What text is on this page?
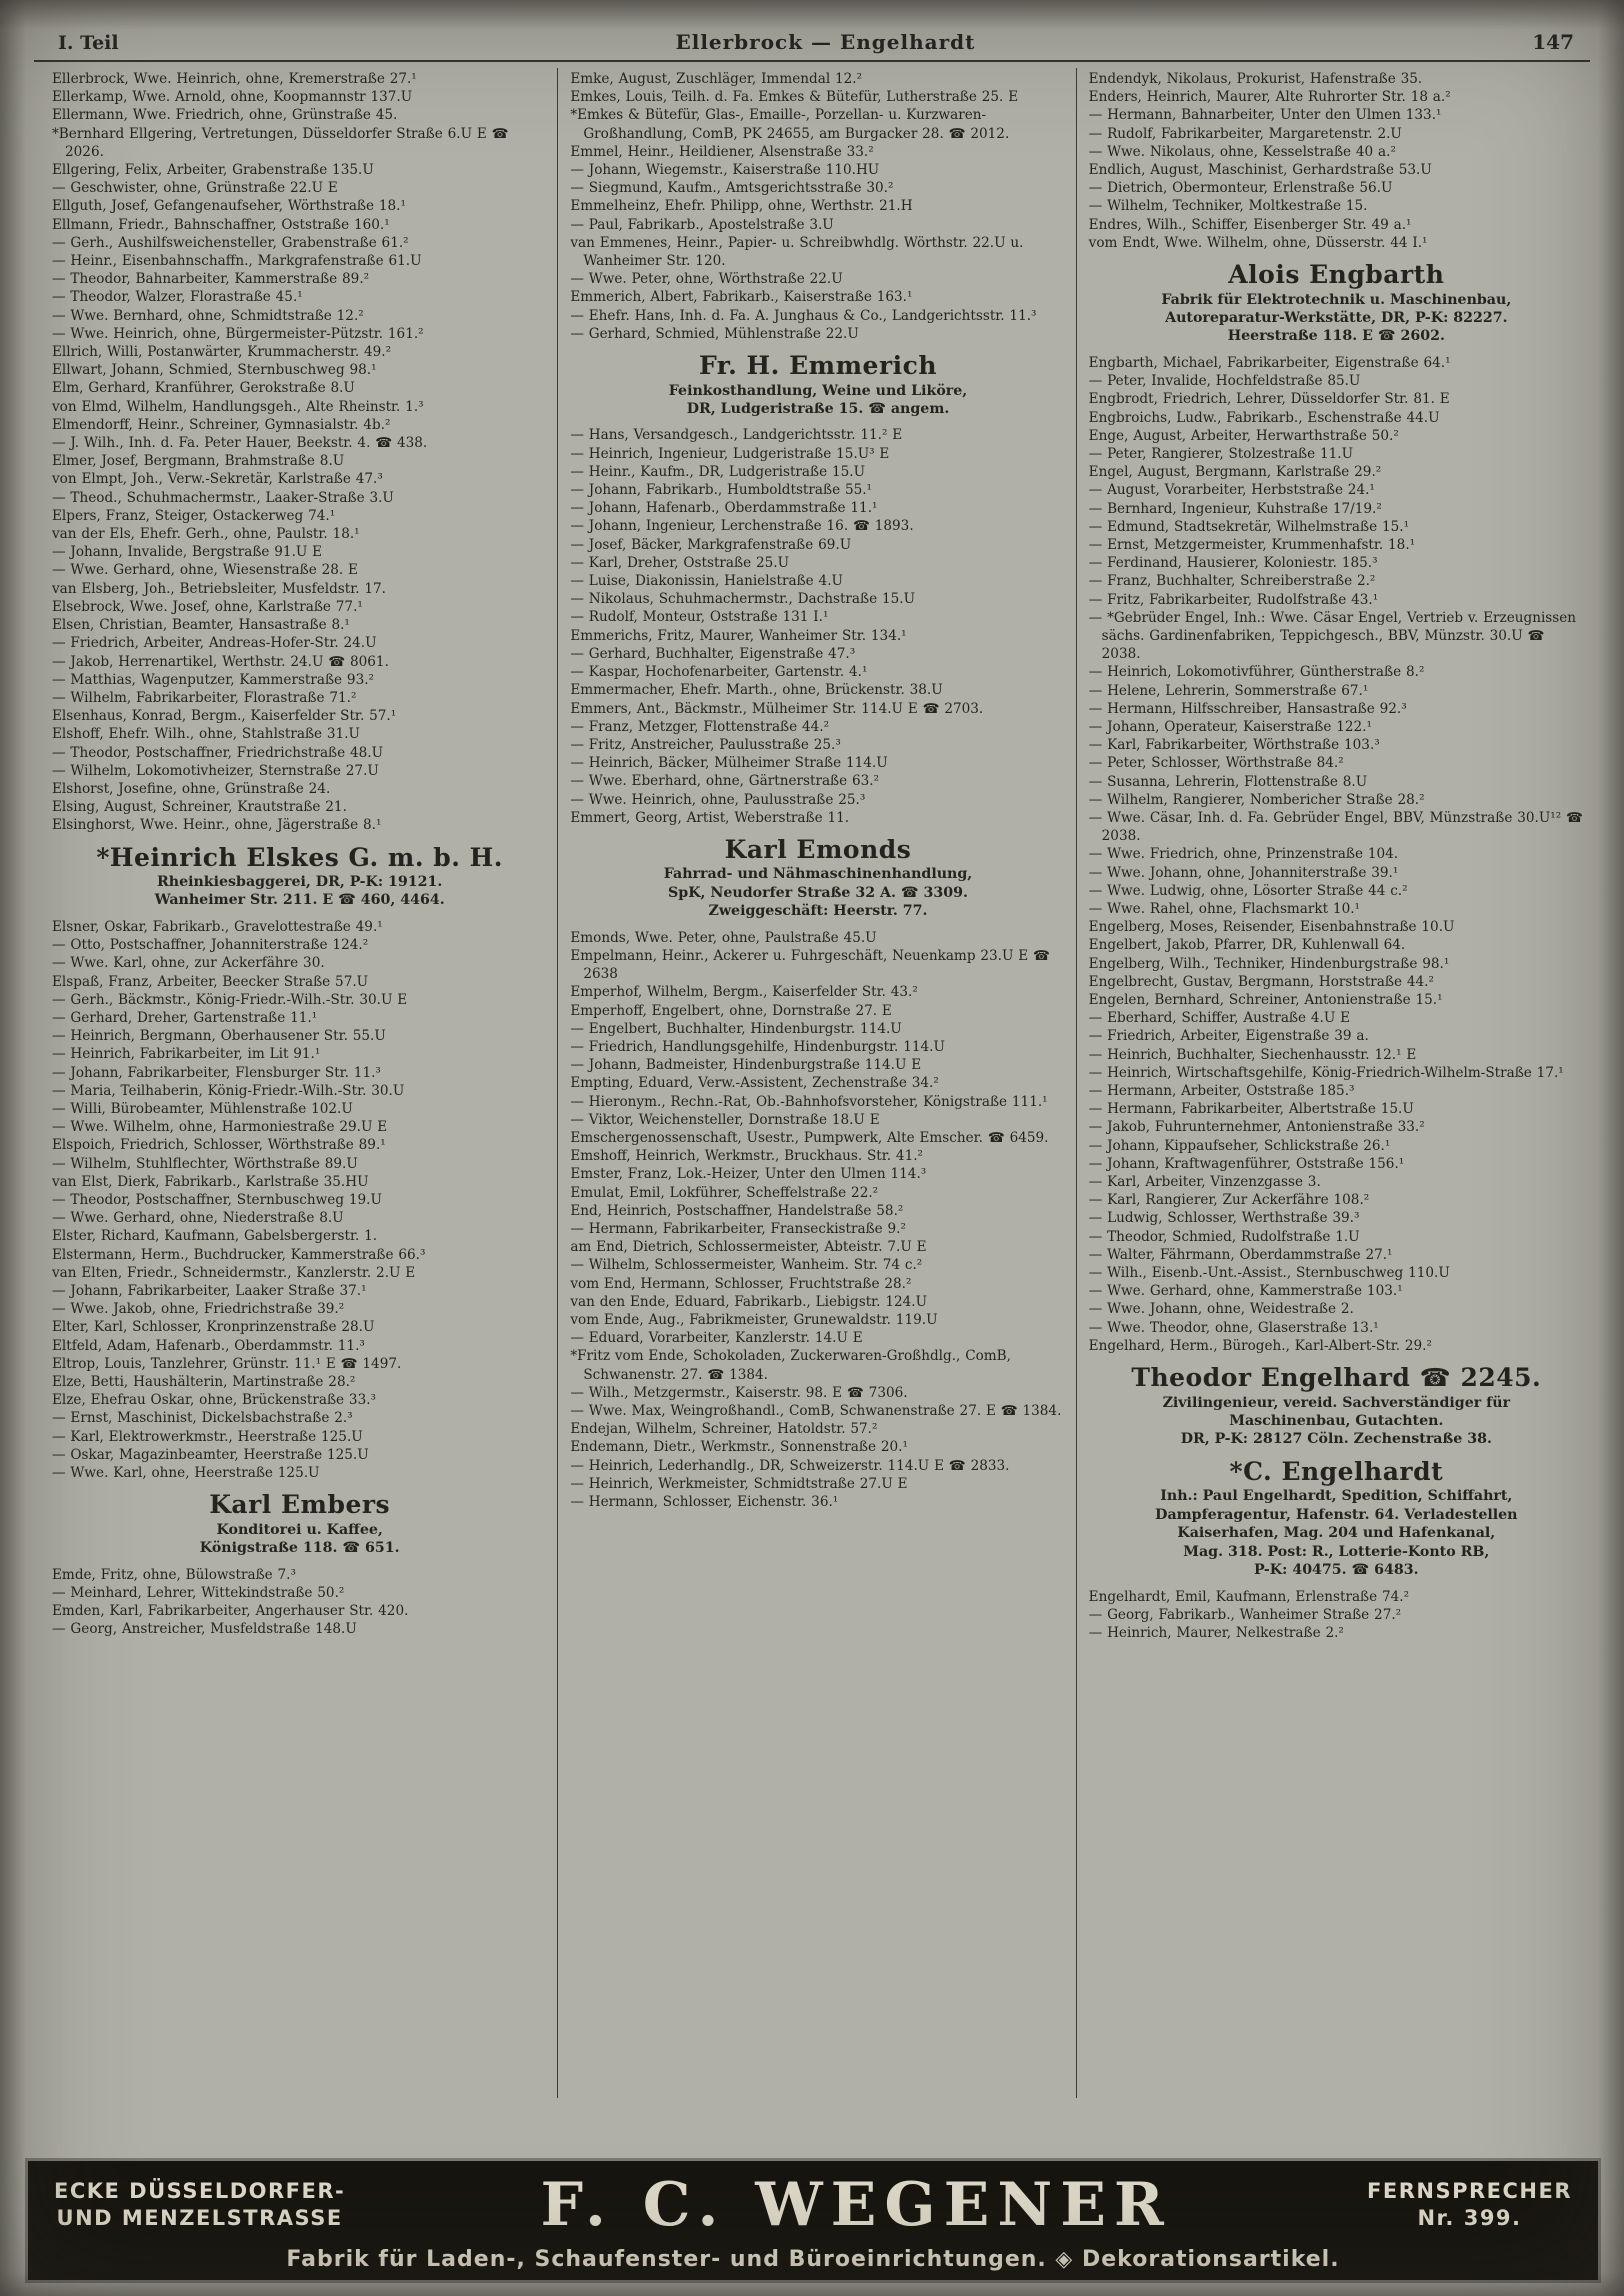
I. Teil	Ellerbrock — Engelhardt	147

Ellerbrock, Wwe. Heinrich, ohne, Kremerstraße 27.¹

Ellerkamp, Wwe. Arnold, ohne, Koopmannstr 137.U

Ellermann, Wwe. Friedrich, ohne, Grünstraße 45.

*Bernhard Ellgering, Vertretungen, Düsseldorfer Straße 6.U E ☎ 2026.

Ellgering, Felix, Arbeiter, Grabenstraße 135.U

— Geschwister, ohne, Grünstraße 22.U E

Ellguth, Josef, Gefangenaufseher, Wörthstraße 18.¹

Ellmann, Friedr., Bahnschaffner, Oststraße 160.¹

— Gerh., Aushilfsweichensteller, Grabenstraße 61.²

— Heinr., Eisenbahnschaffn., Markgrafenstraße 61.U

— Theodor, Bahnarbeiter, Kammerstraße 89.²

— Theodor, Walzer, Florastraße 45.¹

— Wwe. Bernhard, ohne, Schmidtstraße 12.²

— Wwe. Heinrich, ohne, Bürgermeister-Pützstr. 161.²

Ellrich, Willi, Postanwärter, Krummacherstr. 49.²

Ellwart, Johann, Schmied, Sternbuschweg 98.¹

Elm, Gerhard, Kranführer, Gerokstraße 8.U

von Elmd, Wilhelm, Handlungsgeh., Alte Rheinstr. 1.³

Elmendorff, Heinr., Schreiner, Gymnasialstr. 4b.²

— J. Wilh., Inh. d. Fa. Peter Hauer, Beekstr. 4. ☎ 438.

Elmer, Josef, Bergmann, Brahmstraße 8.U

von Elmpt, Joh., Verw.-Sekretär, Karlstraße 47.³

— Theod., Schuhmachermstr., Laaker-Straße 3.U

Elpers, Franz, Steiger, Ostackerweg 74.¹

van der Els, Ehefr. Gerh., ohne, Paulstr. 18.¹

— Johann, Invalide, Bergstraße 91.U E

— Wwe. Gerhard, ohne, Wiesenstraße 28. E

van Elsberg, Joh., Betriebsleiter, Musfeldstr. 17.

Elsebrock, Wwe. Josef, ohne, Karlstraße 77.¹

Elsen, Christian, Beamter, Hansastraße 8.¹

— Friedrich, Arbeiter, Andreas-Hofer-Str. 24.U

— Jakob, Herrenartikel, Werthstr. 24.U ☎ 8061.

— Matthias, Wagenputzer, Kammerstraße 93.²

— Wilhelm, Fabrikarbeiter, Florastraße 71.²

Elsenhaus, Konrad, Bergm., Kaiserfelder Str. 57.¹

Elshoff, Ehefr. Wilh., ohne, Stahlstraße 31.U

— Theodor, Postschaffner, Friedrichstraße 48.U

— Wilhelm, Lokomotivheizer, Sternstraße 27.U

Elshorst, Josefine, ohne, Grünstraße 24.

Elsing, August, Schreiner, Krautstraße 21.

Elsinghorst, Wwe. Heinr., ohne, Jägerstraße 8.¹

*Heinrich Elskes G. m. b. H.
Rheinkiesbaggerei, DR, P-K: 19121.
Wanheimer Str. 211. E ☎ 460, 4464.

Elsner, Oskar, Fabrikarb., Gravelottestraße 49.¹

— Otto, Postschaffner, Johanniterstraße 124.²

— Wwe. Karl, ohne, zur Ackerfähre 30.

Elspaß, Franz, Arbeiter, Beecker Straße 57.U

— Gerh., Bäckmstr., König-Friedr.-Wilh.-Str. 30.U E

— Gerhard, Dreher, Gartenstraße 11.¹

— Heinrich, Bergmann, Oberhausener Str. 55.U

— Heinrich, Fabrikarbeiter, im Lit 91.¹

— Johann, Fabrikarbeiter, Flensburger Str. 11.³

— Maria, Teilhaberin, König-Friedr.-Wilh.-Str. 30.U

— Willi, Bürobeamter, Mühlenstraße 102.U

— Wwe. Wilhelm, ohne, Harmoniestraße 29.U E

Elspoich, Friedrich, Schlosser, Wörthstraße 89.¹

— Wilhelm, Stuhlflechter, Wörthstraße 89.U

van Elst, Dierk, Fabrikarb., Karlstraße 35.HU

— Theodor, Postschaffner, Sternbuschweg 19.U

— Wwe. Gerhard, ohne, Niederstraße 8.U

Elster, Richard, Kaufmann, Gabelsbergerstr. 1.

Elstermann, Herm., Buchdrucker, Kammerstraße 66.³

van Elten, Friedr., Schneidermstr., Kanzlerstr. 2.U E

— Johann, Fabrikarbeiter, Laaker Straße 37.¹

— Wwe. Jakob, ohne, Friedrichstraße 39.²

Elter, Karl, Schlosser, Kronprinzenstraße 28.U

Eltfeld, Adam, Hafenarb., Oberdammstr. 11.³

Eltrop, Louis, Tanzlehrer, Grünstr. 11.¹ E ☎ 1497.

Elze, Betti, Haushälterin, Martinstraße 28.²

Elze, Ehefrau Oskar, ohne, Brückenstraße 33.³

— Ernst, Maschinist, Dickelsbachstraße 2.³

— Karl, Elektrowerkmstr., Heerstraße 125.U

— Oskar, Magazinbeamter, Heerstraße 125.U

— Wwe. Karl, ohne, Heerstraße 125.U

Karl Embers
Konditorei u. Kaffee,
Königstraße 118. ☎ 651.

Emde, Fritz, ohne, Bülowstraße 7.³

— Meinhard, Lehrer, Wittekindstraße 50.²

Emden, Karl, Fabrikarbeiter, Angerhauser Str. 420.

— Georg, Anstreicher, Musfeldstraße 148.U

Emke, August, Zuschläger, Immendal 12.²

Emkes, Louis, Teilh. d. Fa. Emkes & Bütefür, Lutherstraße 25. E

*Emkes & Bütefür, Glas-, Emaille-, Porzellan- u. Kurzwaren-Großhandlung, ComB, PK 24655, am Burgacker 28. ☎ 2012.

Emmel, Heinr., Heildiener, Alsenstraße 33.²

— Johann, Wiegemstr., Kaiserstraße 110.HU

— Siegmund, Kaufm., Amtsgerichtsstraße 30.²

Emmelheinz, Ehefr. Philipp, ohne, Werthstr. 21.H

— Paul, Fabrikarb., Apostelstraße 3.U

van Emmenes, Heinr., Papier- u. Schreibwhdlg. Wörthstr. 22.U u. Wanheimer Str. 120.

— Wwe. Peter, ohne, Wörthstraße 22.U

Emmerich, Albert, Fabrikarb., Kaiserstraße 163.¹

— Ehefr. Hans, Inh. d. Fa. A. Junghaus & Co., Landgerichtsstr. 11.³

— Gerhard, Schmied, Mühlenstraße 22.U

Fr. H. Emmerich
Feinkosthandlung, Weine und Liköre,
DR, Ludgeristraße 15. ☎ angem.

— Hans, Versandgesch., Landgerichtsstr. 11.² E

— Heinrich, Ingenieur, Ludgeristraße 15.U³ E

— Heinr., Kaufm., DR, Ludgeristraße 15.U

— Johann, Fabrikarb., Humboldtstraße 55.¹

— Johann, Hafenarb., Oberdammstraße 11.¹

— Johann, Ingenieur, Lerchenstraße 16. ☎ 1893.

— Josef, Bäcker, Markgrafenstraße 69.U

— Karl, Dreher, Oststraße 25.U

— Luise, Diakonissin, Hanielstraße 4.U

— Nikolaus, Schuhmachermstr., Dachstraße 15.U

— Rudolf, Monteur, Oststraße 131 I.¹

Emmerichs, Fritz, Maurer, Wanheimer Str. 134.¹

— Gerhard, Buchhalter, Eigenstraße 47.³

— Kaspar, Hochofenarbeiter, Gartenstr. 4.¹

Emmermacher, Ehefr. Marth., ohne, Brückenstr. 38.U

Emmers, Ant., Bäckmstr., Mülheimer Str. 114.U E ☎ 2703.

— Franz, Metzger, Flottenstraße 44.²

— Fritz, Anstreicher, Paulusstraße 25.³

— Heinrich, Bäcker, Mülheimer Straße 114.U

— Wwe. Eberhard, ohne, Gärtnerstraße 63.²

— Wwe. Heinrich, ohne, Paulusstraße 25.³

Emmert, Georg, Artist, Weberstraße 11.

Karl Emonds
Fahrrad- und Nähmaschinenhandlung,
SpK, Neudorfer Straße 32 A. ☎ 3309.
Zweiggeschäft: Heerstr. 77.

Emonds, Wwe. Peter, ohne, Paulstraße 45.U

Empelmann, Heinr., Ackerer u. Fuhrgeschäft, Neuenkamp 23.U E ☎ 2638

Emperhof, Wilhelm, Bergm., Kaiserfelder Str. 43.²

Emperhoff, Engelbert, ohne, Dornstraße 27. E

— Engelbert, Buchhalter, Hindenburgstr. 114.U

— Friedrich, Handlungsgehilfe, Hindenburgstr. 114.U

— Johann, Badmeister, Hindenburgstraße 114.U E

Empting, Eduard, Verw.-Assistent, Zechenstraße 34.²

— Hieronym., Rechn.-Rat, Ob.-Bahnhofsvorsteher, Königstraße 111.¹

— Viktor, Weichensteller, Dornstraße 18.U E

Emschergenossenschaft, Usestr., Pumpwerk, Alte Emscher. ☎ 6459.

Emshoff, Heinrich, Werkmstr., Bruckhaus. Str. 41.²

Emster, Franz, Lok.-Heizer, Unter den Ulmen 114.³

Emulat, Emil, Lokführer, Scheffelstraße 22.²

End, Heinrich, Postschaffner, Handelstraße 58.²

— Hermann, Fabrikarbeiter, Franseckistraße 9.²

am End, Dietrich, Schlossermeister, Abteistr. 7.U E

— Wilhelm, Schlossermeister, Wanheim. Str. 74 c.²

vom End, Hermann, Schlosser, Fruchtstraße 28.²

van den Ende, Eduard, Fabrikarb., Liebigstr. 124.U

vom Ende, Aug., Fabrikmeister, Grunewaldstr. 119.U

— Eduard, Vorarbeiter, Kanzlerstr. 14.U E

*Fritz vom Ende, Schokoladen, Zuckerwaren-Großhdlg., ComB, Schwanenstr. 27. ☎ 1384.

— Wilh., Metzgermstr., Kaiserstr. 98. E ☎ 7306.

— Wwe. Max, Weingroßhandl., ComB, Schwanenstraße 27. E ☎ 1384.

Endejan, Wilhelm, Schreiner, Hatoldstr. 57.²

Endemann, Dietr., Werkmstr., Sonnenstraße 20.¹

— Heinrich, Lederhandlg., DR, Schweizerstr. 114.U E ☎ 2833.

— Heinrich, Werkmeister, Schmidtstraße 27.U E

— Hermann, Schlosser, Eichenstr. 36.¹

Endendyk, Nikolaus, Prokurist, Hafenstraße 35.

Enders, Heinrich, Maurer, Alte Ruhrorter Str. 18 a.²

— Hermann, Bahnarbeiter, Unter den Ulmen 133.¹

— Rudolf, Fabrikarbeiter, Margaretenstr. 2.U

— Wwe. Nikolaus, ohne, Kesselstraße 40 a.²

Endlich, August, Maschinist, Gerhardstraße 53.U

— Dietrich, Obermonteur, Erlenstraße 56.U

— Wilhelm, Techniker, Moltkestraße 15.

Endres, Wilh., Schiffer, Eisenberger Str. 49 a.¹

vom Endt, Wwe. Wilhelm, ohne, Düsserstr. 44 I.¹

Alois Engbarth
Fabrik für Elektrotechnik u. Maschinenbau,
Autoreparatur-Werkstätte, DR, P-K: 82227.
Heerstraße 118. E ☎ 2602.

Engbarth, Michael, Fabrikarbeiter, Eigenstraße 64.¹

— Peter, Invalide, Hochfeldstraße 85.U

Engbrodt, Friedrich, Lehrer, Düsseldorfer Str. 81. E

Engbroichs, Ludw., Fabrikarb., Eschenstraße 44.U

Enge, August, Arbeiter, Herwarthstraße 50.²

— Peter, Rangierer, Stolzestraße 11.U

Engel, August, Bergmann, Karlstraße 29.²

— August, Vorarbeiter, Herbststraße 24.¹

— Bernhard, Ingenieur, Kuhstraße 17/19.²

— Edmund, Stadtsekretär, Wilhelmstraße 15.¹

— Ernst, Metzgermeister, Krummenhafstr. 18.¹

— Ferdinand, Hausierer, Koloniestr. 185.³

— Franz, Buchhalter, Schreiberstraße 2.²

— Fritz, Fabrikarbeiter, Rudolfstraße 43.¹

— *Gebrüder Engel, Inh.: Wwe. Cäsar Engel, Vertrieb v. Erzeugnissen sächs. Gardinenfabriken, Teppichgesch., BBV, Münzstr. 30.U ☎ 2038.

— Heinrich, Lokomotivführer, Güntherstraße 8.²

— Helene, Lehrerin, Sommerstraße 67.¹

— Hermann, Hilfsschreiber, Hansastraße 92.³

— Johann, Operateur, Kaiserstraße 122.¹

— Karl, Fabrikarbeiter, Wörthstraße 103.³

— Peter, Schlosser, Wörthstraße 84.²

— Susanna, Lehrerin, Flottenstraße 8.U

— Wilhelm, Rangierer, Nombericher Straße 28.²

— Wwe. Cäsar, Inh. d. Fa. Gebrüder Engel, BBV, Münzstraße 30.U¹² ☎ 2038.

— Wwe. Friedrich, ohne, Prinzenstraße 104.

— Wwe. Johann, ohne, Johanniterstraße 39.¹

— Wwe. Ludwig, ohne, Lösorter Straße 44 c.²

— Wwe. Rahel, ohne, Flachsmarkt 10.¹

Engelberg, Moses, Reisender, Eisenbahnstraße 10.U

Engelbert, Jakob, Pfarrer, DR, Kuhlenwall 64.

Engelberg, Wilh., Techniker, Hindenburgstraße 98.¹

Engelbrecht, Gustav, Bergmann, Horststraße 44.²

Engelen, Bernhard, Schreiner, Antonienstraße 15.¹

— Eberhard, Schiffer, Austraße 4.U E

— Friedrich, Arbeiter, Eigenstraße 39 a.

— Heinrich, Buchhalter, Siechenhausstr. 12.¹ E

— Heinrich, Wirtschaftsgehilfe, König-Friedrich-Wilhelm-Straße 17.¹

— Hermann, Arbeiter, Oststraße 185.³

— Hermann, Fabrikarbeiter, Albertstraße 15.U

— Jakob, Fuhrunternehmer, Antonienstraße 33.²

— Johann, Kippaufseher, Schlickstraße 26.¹

— Johann, Kraftwagenführer, Oststraße 156.¹

— Karl, Arbeiter, Vinzenzgasse 3.

— Karl, Rangierer, Zur Ackerfähre 108.²

— Ludwig, Schlosser, Werthstraße 39.³

— Theodor, Schmied, Rudolfstraße 1.U

— Walter, Fährmann, Oberdammstraße 27.¹

— Wilh., Eisenb.-Unt.-Assist., Sternbuschweg 110.U

— Wwe. Gerhard, ohne, Kammerstraße 103.¹

— Wwe. Johann, ohne, Weidestraße 2.

— Wwe. Theodor, ohne, Glaserstraße 13.¹

Engelhard, Herm., Bürogeh., Karl-Albert-Str. 29.²

Theodor Engelhard ☎ 2245.
Zivilingenieur, vereid. Sachverständiger für
Maschinenbau, Gutachten.
DR, P-K: 28127 Cöln. Zechenstraße 38.
*C. Engelhardt
Inh.: Paul Engelhardt, Spedition, Schiffahrt,
Dampferagentur, Hafenstr. 64. Verladestellen
Kaiserhafen, Mag. 204 und Hafenkanal,
Mag. 318. Post: R., Lotterie-Konto RB,
P-K: 40475. ☎ 6483.

Engelhardt, Emil, Kaufmann, Erlenstraße 74.²

— Georg, Fabrikarb., Wanheimer Straße 27.²

— Heinrich, Maurer, Nelkestraße 2.²

ECKE DÜSSELDORFER-
UND MENZELSTRASSE	F. C. WEGENER	FERNSPRECHER
Nr. 399.
Fabrik für Laden-, Schaufenster- und Büroeinrichtungen. ◈ Dekorationsartikel.
